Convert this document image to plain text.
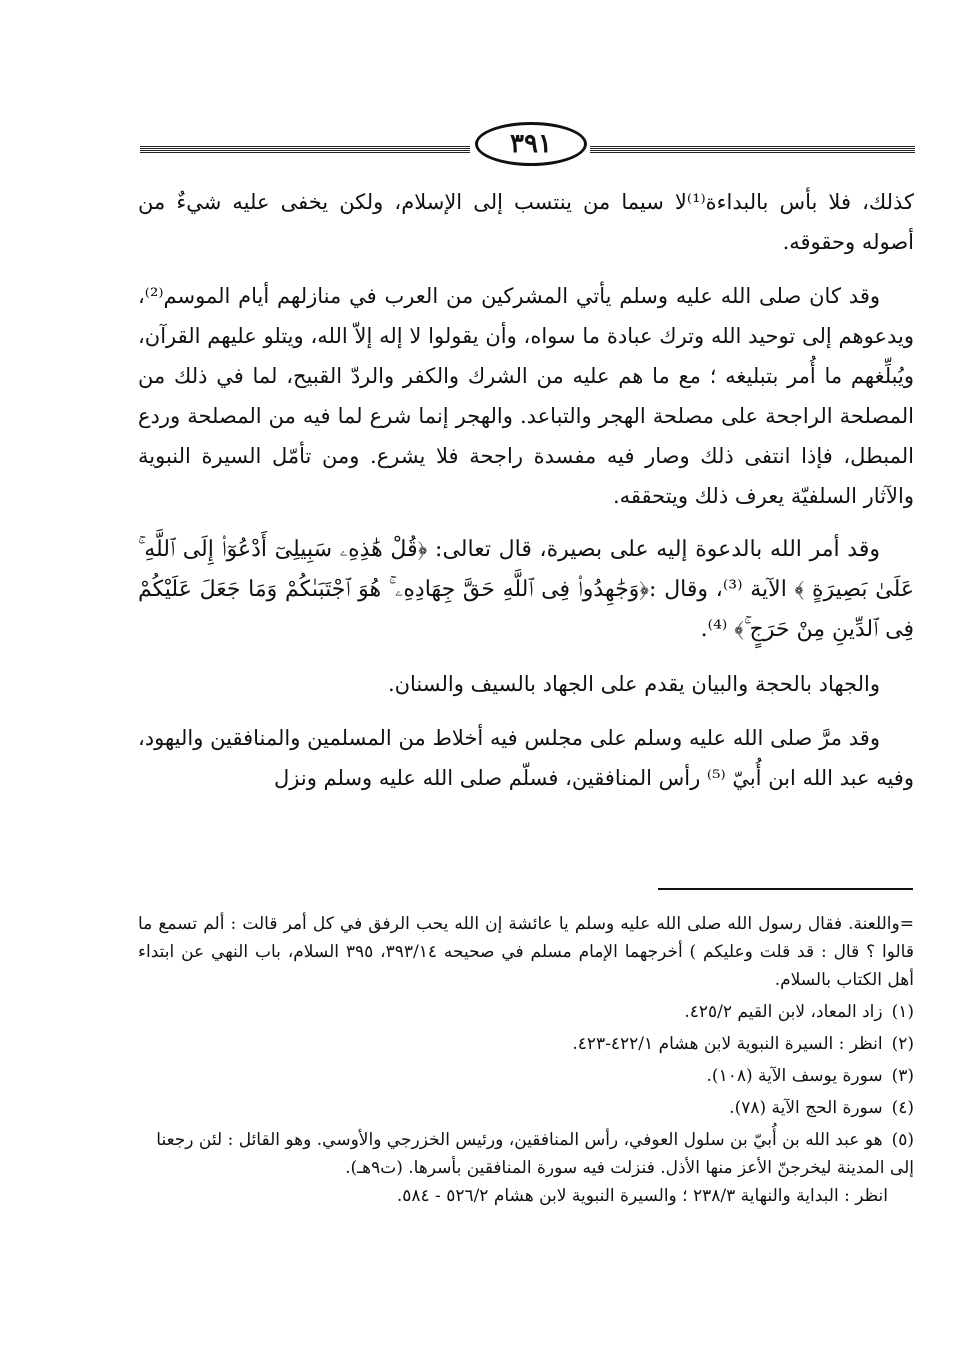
٣٩١

كذلك، فلا بأس بالبداءة⁽¹⁾لا سيما من ينتسب إلى الإسلام، ولكن يخفى عليه شيءٌ من أصوله وحقوقه.

وقد كان صلى الله عليه وسلم يأتي المشركين من العرب في منازلهم أيام الموسم⁽²⁾، ويدعوهم إلى توحيد الله وترك عبادة ما سواه، وأن يقولوا لا إله إلاّ الله، ويتلو عليهم القرآن، ويُبلِّغهم ما أُمر بتبليغه ؛ مع ما هم عليه من الشرك والكفر والردّ القبيح، لما في ذلك من المصلحة الراجحة على مصلحة الهجر والتباعد. والهجر إنما شرع لما فيه من المصلحة وردع المبطل، فإذا انتفى ذلك وصار فيه مفسدة راجحة فلا يشرع. ومن تأمّل السيرة النبوية والآثار السلفيّة يعرف ذلك ويتحققه.

وقد أمر الله بالدعوة إليه على بصيرة، قال تعالى: ﴿قُلْ هَٰذِهِۦ سَبِيلِىٓ أَدْعُوٓا۟ إِلَى ٱللَّهِ ۚ عَلَىٰ بَصِيرَةٍ ﴾ الآية ⁽³⁾، وقال :﴿وَجَٰهِدُوا۟ فِى ٱللَّهِ حَقَّ جِهَادِهِۦ ۚ هُوَ ٱجْتَبَىٰكُمْ وَمَا جَعَلَ عَلَيْكُمْ فِى ٱلدِّينِ مِنْ حَرَجٍ ۚ﴾ ⁽⁴⁾.

والجهاد بالحجة والبيان يقدم على الجهاد بالسيف والسنان.

وقد مرَّ صلى الله عليه وسلم على مجلس فيه أخلاط من المسلمين والمنافقين واليهود، وفيه عبد الله ابن أُبيّ ⁽⁵⁾ رأس المنافقين، فسلّم صلى الله عليه وسلم ونزل

=واللعنة. فقال رسول الله صلى الله عليه وسلم يا عائشة إن الله يحب الرفق في كل أمر قالت : ألم تسمع ما قالوا ؟ قال : قد قلت وعليكم ) أخرجهما الإمام مسلم في صحيحه ٣٩٣/١٤، ٣٩٥ السلام، باب النهي عن ابتداء أهل الكتاب بالسلام.
(١) زاد المعاد، لابن القيم ٤٢٥/٢.
(٢) انظر : السيرة النبوية لابن هشام ٤٢٢/١-٤٢٣.
(٣) سورة يوسف الآية (١٠٨).
(٤) سورة الحج الآية (٧٨).
(٥) هو عبد الله بن أُبيّ بن سلول العوفي، رأس المنافقين، ورئيس الخزرجي والأوسي. وهو القائل : لئن رجعنا إلى المدينة ليخرجنّ الأعز منها الأذل. فنزلت فيه سورة المنافقين بأسرها. (ت٩هـ).
انظر : البداية والنهاية ٢٣٨/٣ ؛ والسيرة النبوية لابن هشام ٥٢٦/٢ - ٥٨٤.
